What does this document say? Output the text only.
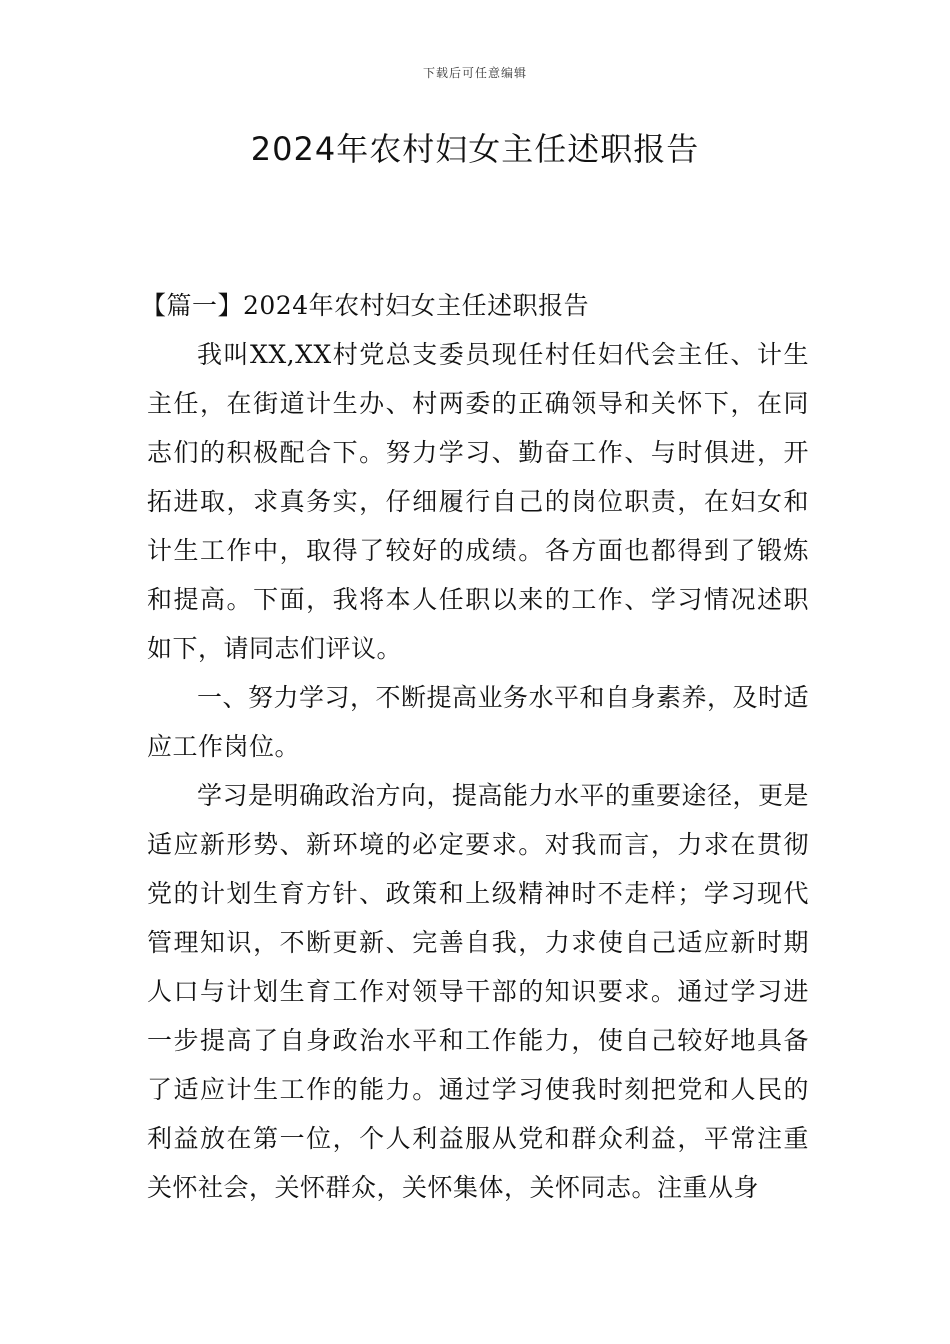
下载后可任意编辑
2024年农村妇女主任述职报告

【篇一】2024年农村妇女主任述职报告

我叫XX,XX村党总支委员现任村任妇代会主任、计生主任，在街道计生办、村两委的正确领导和关怀下，在同志们的积极配合下。努力学习、勤奋工作、与时俱进，开拓进取，求真务实，仔细履行自己的岗位职责，在妇女和计生工作中，取得了较好的成绩。各方面也都得到了锻炼和提高。下面，我将本人任职以来的工作、学习情况述职如下，请同志们评议。

一、努力学习，不断提高业务水平和自身素养，及时适应工作岗位。

学习是明确政治方向，提高能力水平的重要途径，更是适应新形势、新环境的必定要求。对我而言，力求在贯彻党的计划生育方针、政策和上级精神时不走样；学习现代管理知识，不断更新、完善自我，力求使自己适应新时期人口与计划生育工作对领导干部的知识要求。通过学习进一步提高了自身政治水平和工作能力，使自己较好地具备了适应计生工作的能力。通过学习使我时刻把党和人民的利益放在第一位，个人利益服从党和群众利益，平常注重关怀社会，关怀群众，关怀集体，关怀同志。注重从身
